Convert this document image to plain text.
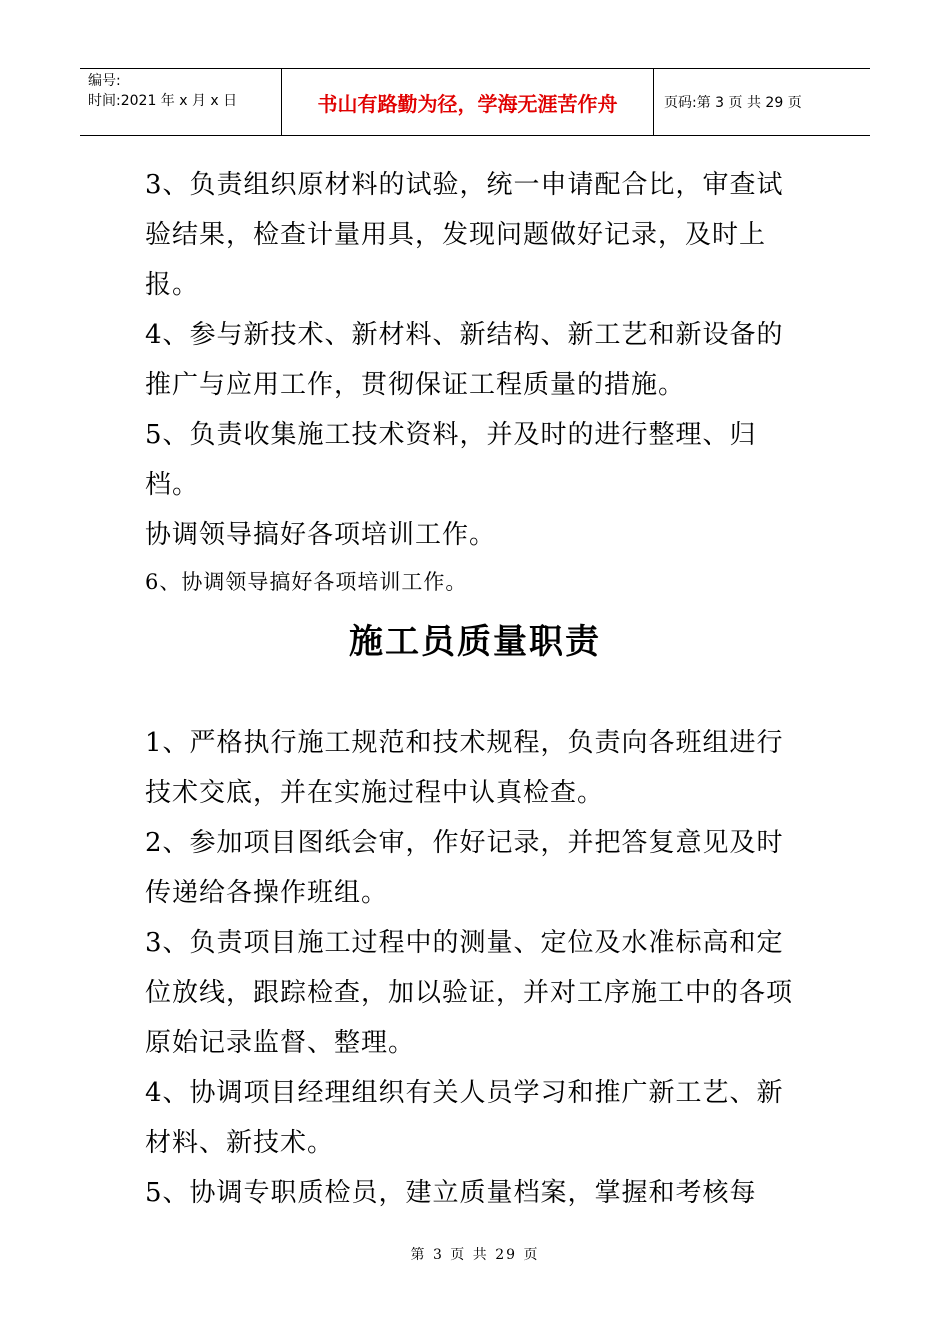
编号:
时间:2021 年 x 月 x 日	书山有路勤为径，学海无涯苦作舟	页码:第 3 页 共 29 页

3、负责组织原材料的试验，统一申请配合比，审查试验结果，检查计量用具，发现问题做好记录，及时上报。

4、参与新技术、新材料、新结构、新工艺和新设备的推广与应用工作，贯彻保证工程质量的措施。

5、负责收集施工技术资料，并及时的进行整理、归档。

协调领导搞好各项培训工作。

6、协调领导搞好各项培训工作。

施工员质量职责

1、严格执行施工规范和技术规程，负责向各班组进行技术交底，并在实施过程中认真检查。

2、参加项目图纸会审，作好记录，并把答复意见及时传递给各操作班组。

3、负责项目施工过程中的测量、定位及水准标高和定位放线，跟踪检查，加以验证，并对工序施工中的各项原始记录监督、整理。

4、协调项目经理组织有关人员学习和推广新工艺、新材料、新技术。

5、协调专职质检员，建立质量档案，掌握和考核每

第 3 页 共 29 页
